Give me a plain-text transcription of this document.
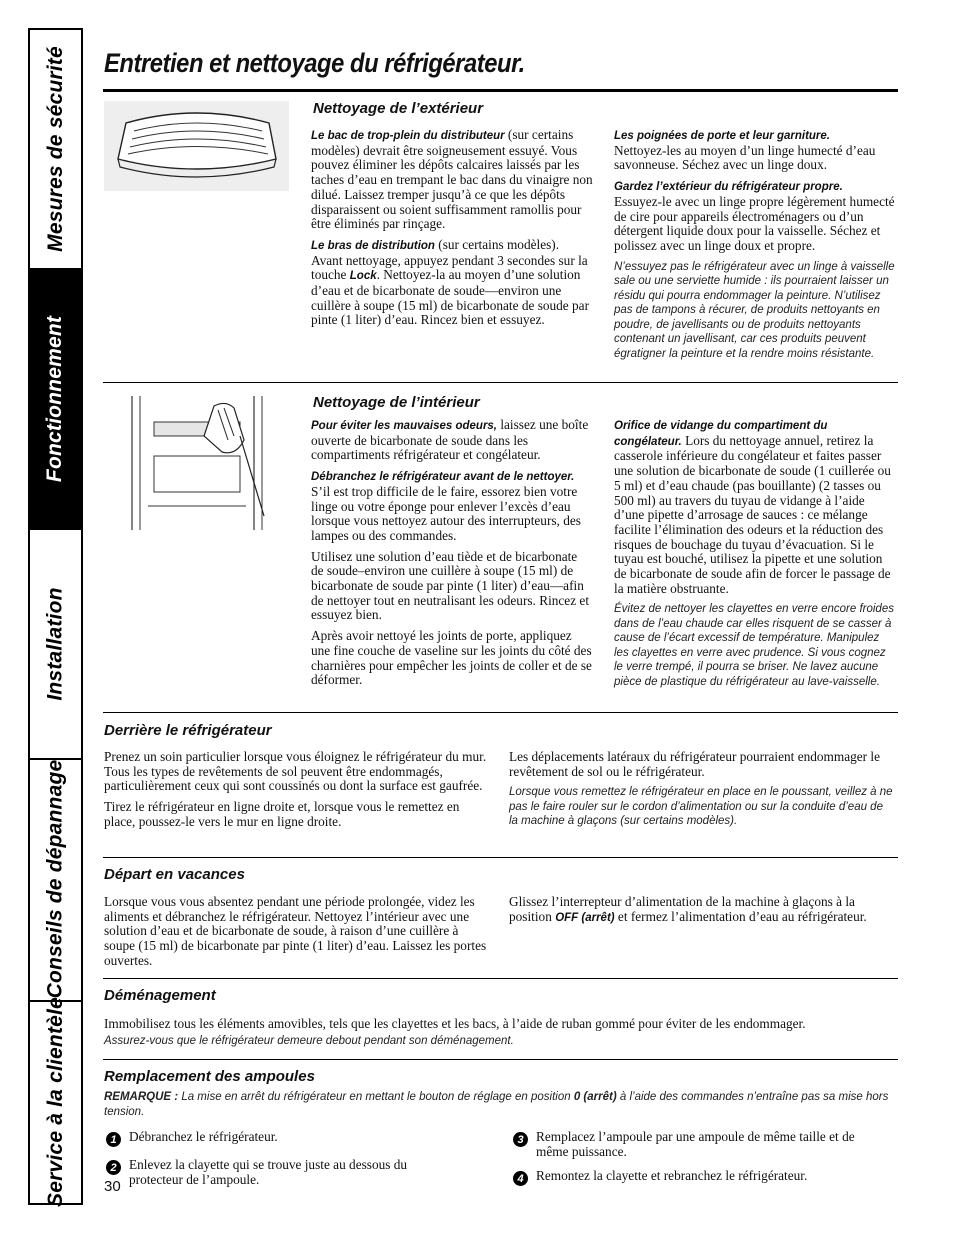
Mesures de sécurité
Fonctionnement
Installation
Conseils de dépannage
Service à la clientèle
Entretien et nettoyage du réfrigérateur.
Nettoyage de l’extérieur

Le bac de trop-plein du distributeur (sur certains modèles) devrait être soigneusement essuyé. Vous pouvez éliminer les dépôts calcaires laissés par les taches d’eau en trempant le bac dans du vinaigre non dilué. Laissez tremper jusqu’à ce que les dépôts disparaissent ou soient suffisamment ramollis pour être éliminés par rinçage.

Le bras de distribution (sur certains modèles). Avant nettoyage, appuyez pendant 3 secondes sur la touche Lock. Nettoyez-la au moyen d’une solution d’eau et de bicarbonate de soude—environ une cuillère à soupe (15 ml) de bicarbonate de soude par pinte (1 liter) d’eau. Rincez bien et essuyez.

Les poignées de porte et leur garniture.
Nettoyez-les au moyen d’un linge humecté d’eau savonneuse. Séchez avec un linge doux.

Gardez l’extérieur du réfrigérateur propre.
Essuyez-le avec un linge propre légèrement humecté de cire pour appareils électroménagers ou d’un détergent liquide doux pour la vaisselle. Séchez et polissez avec un linge doux et propre.

N’essuyez pas le réfrigérateur avec un linge à vaisselle sale ou une serviette humide : ils pourraient laisser un résidu qui pourra endommager la peinture. N’utilisez pas de tampons à récurer, de produits nettoyants en poudre, de javellisants ou de produits nettoyants contenant un javellisant, car ces produits peuvent égratigner la peinture et la rendre moins résistante.

Nettoyage de l’intérieur

Pour éviter les mauvaises odeurs, laissez une boîte ouverte de bicarbonate de soude dans les compartiments réfrigérateur et congélateur.

Débranchez le réfrigérateur avant de le nettoyer.
S’il est trop difficile de le faire, essorez bien votre linge ou votre éponge pour enlever l’excès d’eau lorsque vous nettoyez autour des interrupteurs, des lampes ou des commandes.

Utilisez une solution d’eau tiède et de bicarbonate de soude–environ une cuillère à soupe (15 ml) de bicarbonate de soude par pinte (1 liter) d’eau—afin de nettoyer tout en neutralisant les odeurs. Rincez et essuyez bien.

Après avoir nettoyé les joints de porte, appliquez une fine couche de vaseline sur les joints du côté des charnières pour empêcher les joints de coller et de se déformer.

Orifice de vidange du compartiment du congélateur. Lors du nettoyage annuel, retirez la casserole inférieure du congélateur et faites passer une solution de bicarbonate de soude (1 cuillerée ou 5 ml) et d’eau chaude (pas bouillante) (2 tasses ou 500 ml) au travers du tuyau de vidange à l’aide d’une pipette d’arrosage de sauces : ce mélange facilite l’élimination des odeurs et la réduction des risques de bouchage du tuyau d’évacuation. Si le tuyau est bouché, utilisez la pipette et une solution de bicarbonate de soude afin de forcer le passage de la matière obstruante.

Évitez de nettoyer les clayettes en verre encore froides dans de l’eau chaude car elles risquent de se casser à cause de l’écart excessif de température. Manipulez les clayettes en verre avec prudence. Si vous cognez le verre trempé, il pourra se briser. Ne lavez aucune pièce de plastique du réfrigérateur au lave-vaisselle.

Derrière le réfrigérateur

Prenez un soin particulier lorsque vous éloignez le réfrigérateur du mur. Tous les types de revêtements de sol peuvent être endommagés, particulièrement ceux qui sont coussinés ou dont la surface est gaufrée.

Tirez le réfrigérateur en ligne droite et, lorsque vous le remettez en place, poussez-le vers le mur en ligne droite.

Les déplacements latéraux du réfrigérateur pourraient endommager le revêtement de sol ou le réfrigérateur.

Lorsque vous remettez le réfrigérateur en place en le poussant, veillez à ne pas le faire rouler sur le cordon d’alimentation ou sur la conduite d’eau de la machine à glaçons (sur certains modèles).

Départ en vacances

Lorsque vous vous absentez pendant une période prolongée, videz les aliments et débranchez le réfrigérateur. Nettoyez l’intérieur avec une solution d’eau et de bicarbonate de soude, à raison d’une cuillère à soupe (15 ml) de bicarbonate par pinte (1 liter) d’eau. Laissez les portes ouvertes.

Glissez l’interrepteur d’alimentation de la machine à glaçons à la position OFF (arrêt) et fermez l’alimentation d’eau au réfrigérateur.

Déménagement

Immobilisez tous les éléments amovibles, tels que les clayettes et les bacs, à l’aide de ruban gommé pour éviter de les endommager.

Assurez-vous que le réfrigérateur demeure debout pendant son déménagement.

Remplacement des ampoules
REMARQUE : La mise en arrêt du réfrigérateur en mettant le bouton de réglage en position 0 (arrêt) à l’aide des commandes n’entraîne pas sa mise hors tension.
1 Débranchez le réfrigérateur.
2 Enlevez la clayette qui se trouve juste au dessous du protecteur de l’ampoule.
3 Remplacez l’ampoule par une ampoule de même taille et de même puissance.
4 Remontez la clayette et rebranchez le réfrigérateur.
30
